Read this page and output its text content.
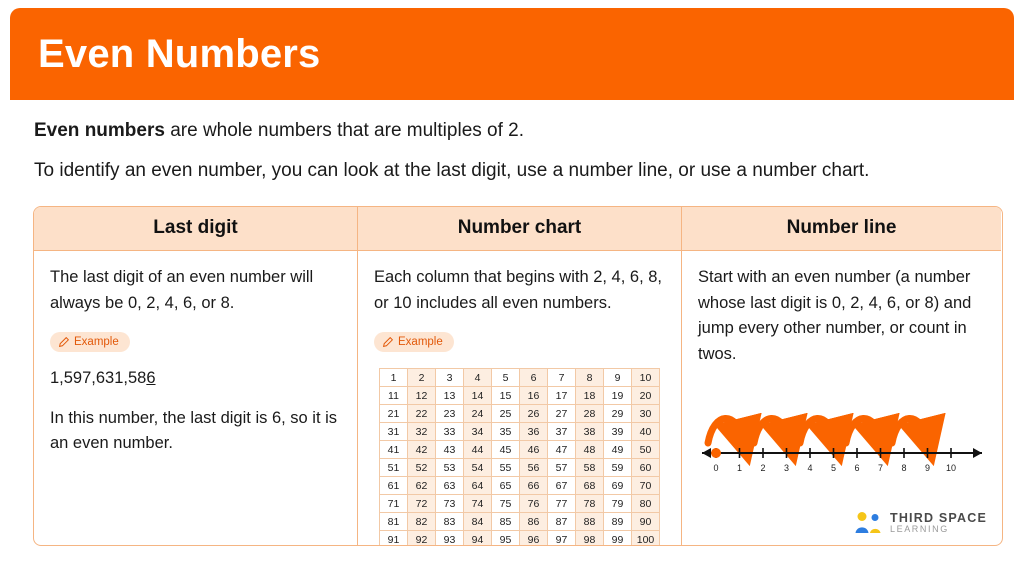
Even Numbers

Even numbers are whole numbers that are multiples of 2.

To identify an even number, you can look at the last digit, use a number line, or use a number chart.

Last digit

The last digit of an even number will always be 0, 2, 4, 6, or 8.

Example

1,597,631,586

In this number, the last digit is 6, so it is an even number.

Number chart

Each column that begins with 2, 4, 6, 8, or 10 includes all even numbers.

Example
1	2	3	4	5	6	7	8	9	10
11	12	13	14	15	16	17	18	19	20
21	22	23	24	25	26	27	28	29	30
31	32	33	34	35	36	37	38	39	40
41	42	43	44	45	46	47	48	49	50
51	52	53	54	55	56	57	58	59	60
61	62	63	64	65	66	67	68	69	70
71	72	73	74	75	76	77	78	79	80
81	82	83	84	85	86	87	88	89	90
91	92	93	94	95	96	97	98	99	100
Number line

Start with an even number (a number whose last digit is 0, 2, 4, 6, or 8) and jump every other number, or count in twos.

0 1 2 3 4 5 6 7 8 9 10
THIRD SPACE
LEARNING
